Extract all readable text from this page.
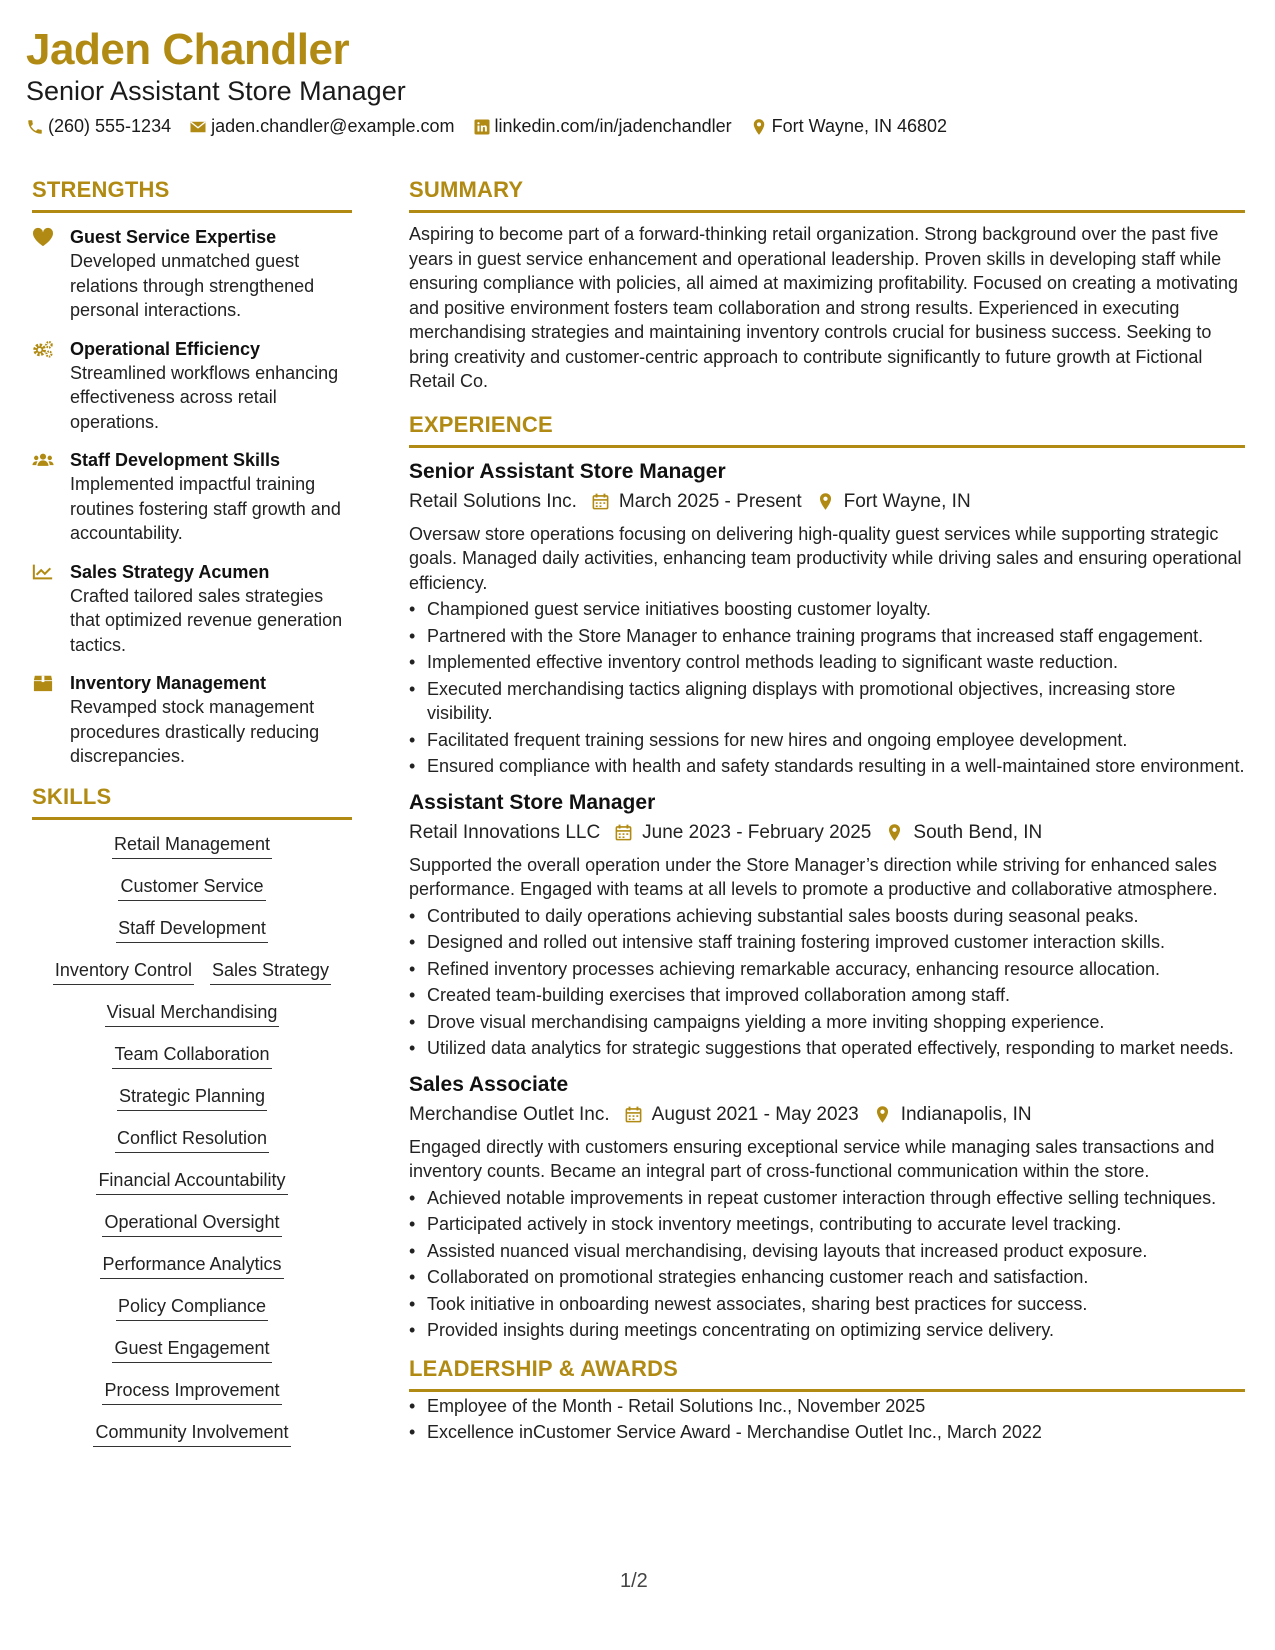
Jaden Chandler
Senior Assistant Store Manager
(260) 555-1234 jaden.chandler@example.com linkedin.com/in/jadenchandler Fort Wayne, IN 46802
STRENGTHS
Guest Service Expertise
Developed unmatched guest relations through strengthened personal interactions.
Operational Efficiency
Streamlined workflows enhancing effectiveness across retail operations.
Staff Development Skills
Implemented impactful training routines fostering staff growth and accountability.
Sales Strategy Acumen
Crafted tailored sales strategies that optimized revenue generation tactics.
Inventory Management
Revamped stock management procedures drastically reducing discrepancies.
SKILLS
Retail Management
Customer Service
Staff Development
Inventory Control Sales Strategy
Visual Merchandising
Team Collaboration
Strategic Planning
Conflict Resolution
Financial Accountability
Operational Oversight
Performance Analytics
Policy Compliance
Guest Engagement
Process Improvement
Community Involvement
SUMMARY
Aspiring to become part of a forward-thinking retail organization. Strong background over the past five years in guest service enhancement and operational leadership. Proven skills in developing staff while ensuring compliance with policies, all aimed at maximizing profitability. Focused on creating a motivating and positive environment fosters team collaboration and strong results. Experienced in executing merchandising strategies and maintaining inventory controls crucial for business success. Seeking to bring creativity and customer-centric approach to contribute significantly to future growth at Fictional Retail Co.
EXPERIENCE
Senior Assistant Store Manager
Retail Solutions Inc. March 2025 - Present Fort Wayne, IN
Oversaw store operations focusing on delivering high-quality guest services while supporting strategic goals. Managed daily activities, enhancing team productivity while driving sales and ensuring operational efficiency.
• Championed guest service initiatives boosting customer loyalty.
• Partnered with the Store Manager to enhance training programs that increased staff engagement.
• Implemented effective inventory control methods leading to significant waste reduction.
• Executed merchandising tactics aligning displays with promotional objectives, increasing store visibility.
• Facilitated frequent training sessions for new hires and ongoing employee development.
• Ensured compliance with health and safety standards resulting in a well-maintained store environment.
Assistant Store Manager
Retail Innovations LLC June 2023 - February 2025 South Bend, IN
Supported the overall operation under the Store Manager’s direction while striving for enhanced sales performance. Engaged with teams at all levels to promote a productive and collaborative atmosphere.
• Contributed to daily operations achieving substantial sales boosts during seasonal peaks.
• Designed and rolled out intensive staff training fostering improved customer interaction skills.
• Refined inventory processes achieving remarkable accuracy, enhancing resource allocation.
• Created team-building exercises that improved collaboration among staff.
• Drove visual merchandising campaigns yielding a more inviting shopping experience.
• Utilized data analytics for strategic suggestions that operated effectively, responding to market needs.
Sales Associate
Merchandise Outlet Inc. August 2021 - May 2023 Indianapolis, IN
Engaged directly with customers ensuring exceptional service while managing sales transactions and inventory counts. Became an integral part of cross-functional communication within the store.
• Achieved notable improvements in repeat customer interaction through effective selling techniques.
• Participated actively in stock inventory meetings, contributing to accurate level tracking.
• Assisted nuanced visual merchandising, devising layouts that increased product exposure.
• Collaborated on promotional strategies enhancing customer reach and satisfaction.
• Took initiative in onboarding newest associates, sharing best practices for success.
• Provided insights during meetings concentrating on optimizing service delivery.
LEADERSHIP & AWARDS
• Employee of the Month - Retail Solutions Inc., November 2025
• Excellence inCustomer Service Award - Merchandise Outlet Inc., March 2022
1/2
